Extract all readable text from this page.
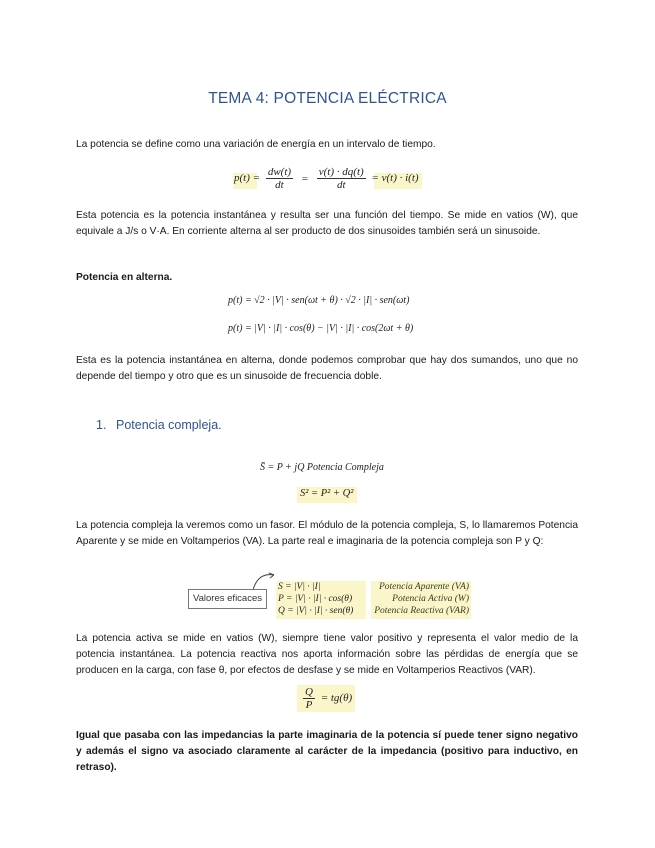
TEMA 4: POTENCIA ELÉCTRICA
La potencia se define como una variación de energía en un intervalo de tiempo.
$p(t) = \frac{dw(t)}{dt} = \frac{v(t) \cdot dq(t)}{dt} = v(t) \cdot i(t)$
Esta potencia es la potencia instantánea y resulta ser una función del tiempo. Se mide en vatios (W), que equivale a J/s o V·A. En corriente alterna al ser producto de dos sinusoides también será un sinusoide.
Potencia en alterna.
p(t) = √2 · |V| · sen(ωt + θ) · √2 · |I| · sen(ωt)
p(t) = |V| · |I| · cos(θ) − |V| · |I| · cos(2ωt + θ)
Esta es la potencia instantánea en alterna, donde podemos comprobar que hay dos sumandos, uno que no depende del tiempo y otro que es un sinusoide de frecuencia doble.
1. Potencia compleja.
S̄ = P + jQ Potencia Compleja
S² = P² + Q²
La potencia compleja la veremos como un fasor. El módulo de la potencia compleja, S, lo llamaremos Potencia Aparente y se mide en Voltamperios (VA). La parte real e imaginaria de la potencia compleja son P y Q:
Valores eficaces
S = |V| · |I|
P = |V| · |I| · cos(θ)
Q = |V| · |I| · sen(θ)
Potencia Aparente (VA)
Potencia Activa (W)
Potencia Reactiva (VAR)
La potencia activa se mide en vatios (W), siempre tiene valor positivo y representa el valor medio de la potencia instantánea. La potencia reactiva nos aporta información sobre las pérdidas de energía que se producen en la carga, con fase θ, por efectos de desfase y se mide en Voltamperios Reactivos (VAR).
$\frac{Q}{P} = tg(\theta)$
Igual que pasaba con las impedancias la parte imaginaria de la potencia sí puede tener signo negativo y además el signo va asociado claramente al carácter de la impedancia (positivo para inductivo, en retraso).
